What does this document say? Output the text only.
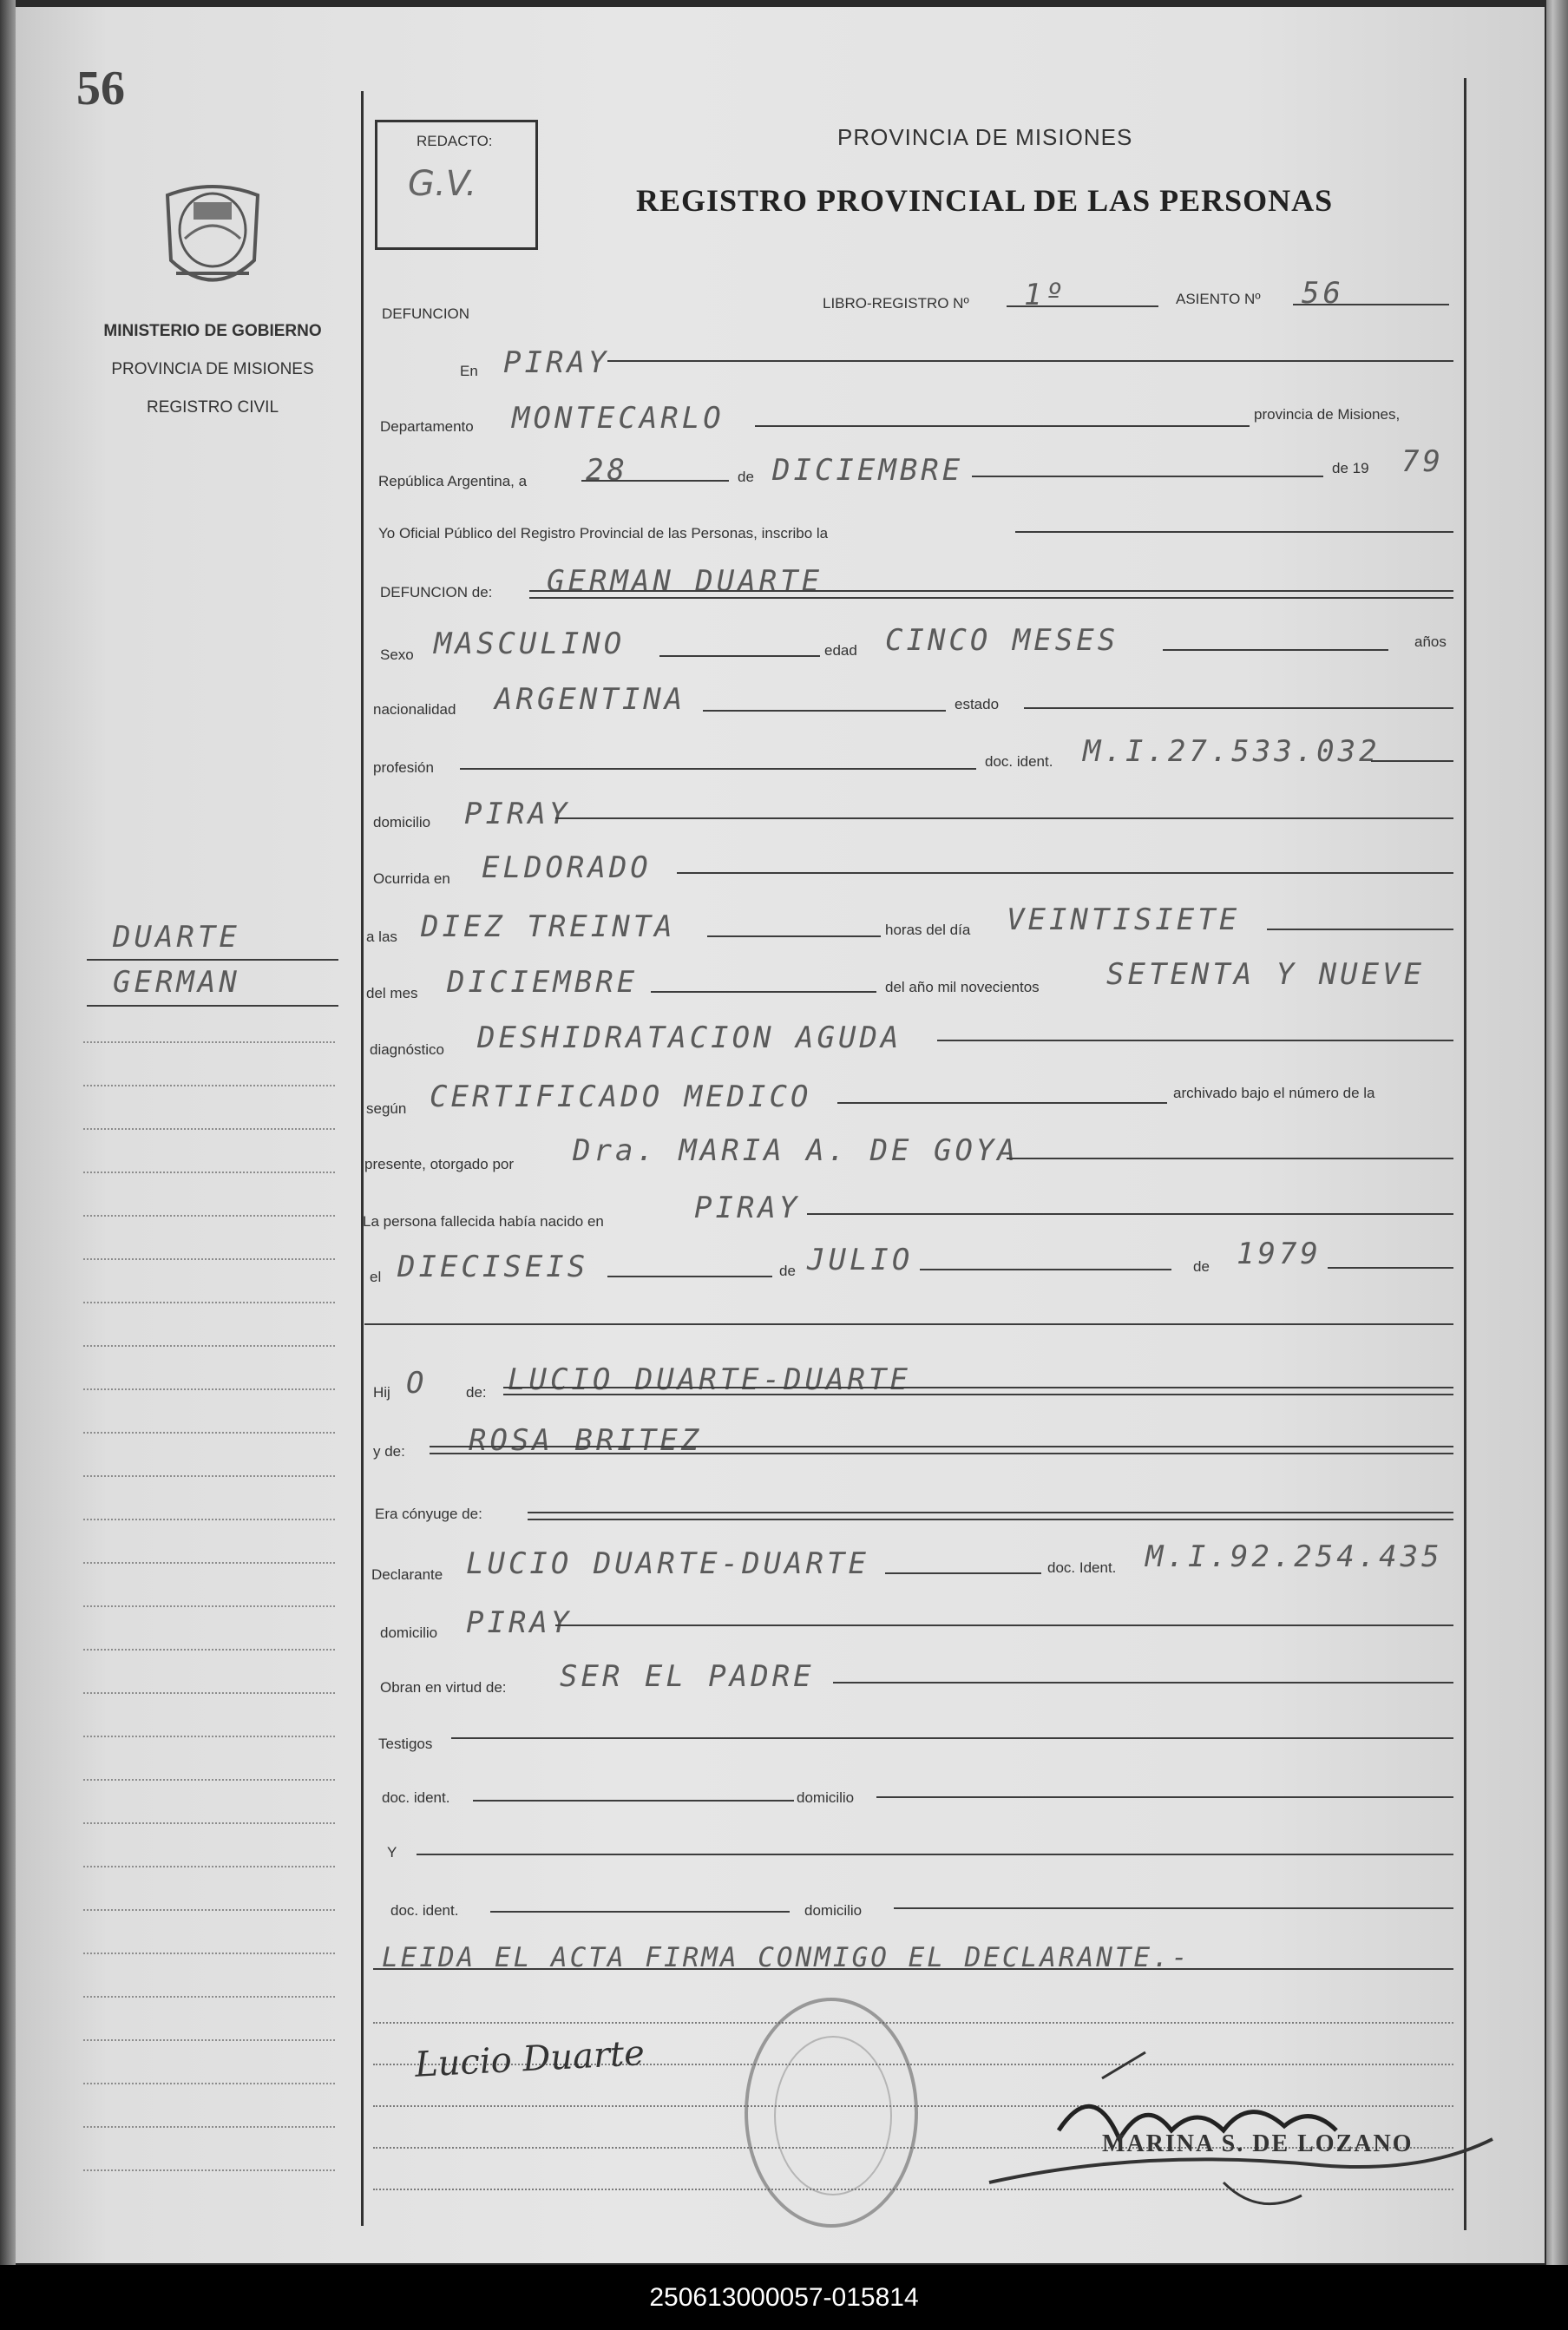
56
MINISTERIO DE GOBIERNO
PROVINCIA DE MISIONES
REGISTRO CIVIL
REDACTO:
G.V.
PROVINCIA DE MISIONES
REGISTRO PROVINCIAL DE LAS PERSONAS
DUARTE
GERMAN
DEFUNCION
LIBRO-REGISTRO Nº 1º	ASIENTO Nº 56
En PIRAY
Departamento MONTECARLO	provincia de Misiones,
República Argentina, a 28	de DICIEMBRE	de 19 79
Yo Oficial Público del Registro Provincial de las Personas, inscribo la
DEFUNCION de: GERMAN DUARTE
Sexo MASCULINO	edad CINCO MESES	años
nacionalidad ARGENTINA	estado
profesión	doc. ident. M.I.27.533.032
domicilio PIRAY
Ocurrida en ELDORADO
a las DIEZ TREINTA	horas del día VEINTISIETE
del mes DICIEMBRE	del año mil novecientos SETENTA Y NUEVE
diagnóstico DESHIDRATACION AGUDA
según CERTIFICADO MEDICO	archivado bajo el número de la
presente, otorgado por Dra. MARIA A. DE GOYA
La persona fallecida había nacido en	PIRAY
el DIECISEIS	de JULIO	de 1979
Hij O	de: LUCIO DUARTE-DUARTE
y de: ROSA BRITEZ
Era cónyuge de:
Declarante LUCIO DUARTE-DUARTE	doc. Ident. M.I.92.254.435
domicilio PIRAY
Obran en virtud de: SER EL PADRE
Testigos
doc. ident.	domicilio
Y
doc. ident.	domicilio
LEIDA EL ACTA FIRMA CONMIGO EL DECLARANTE.-
Lucio Duarte
MARINA S. DE LOZANO
250613000057-015814
